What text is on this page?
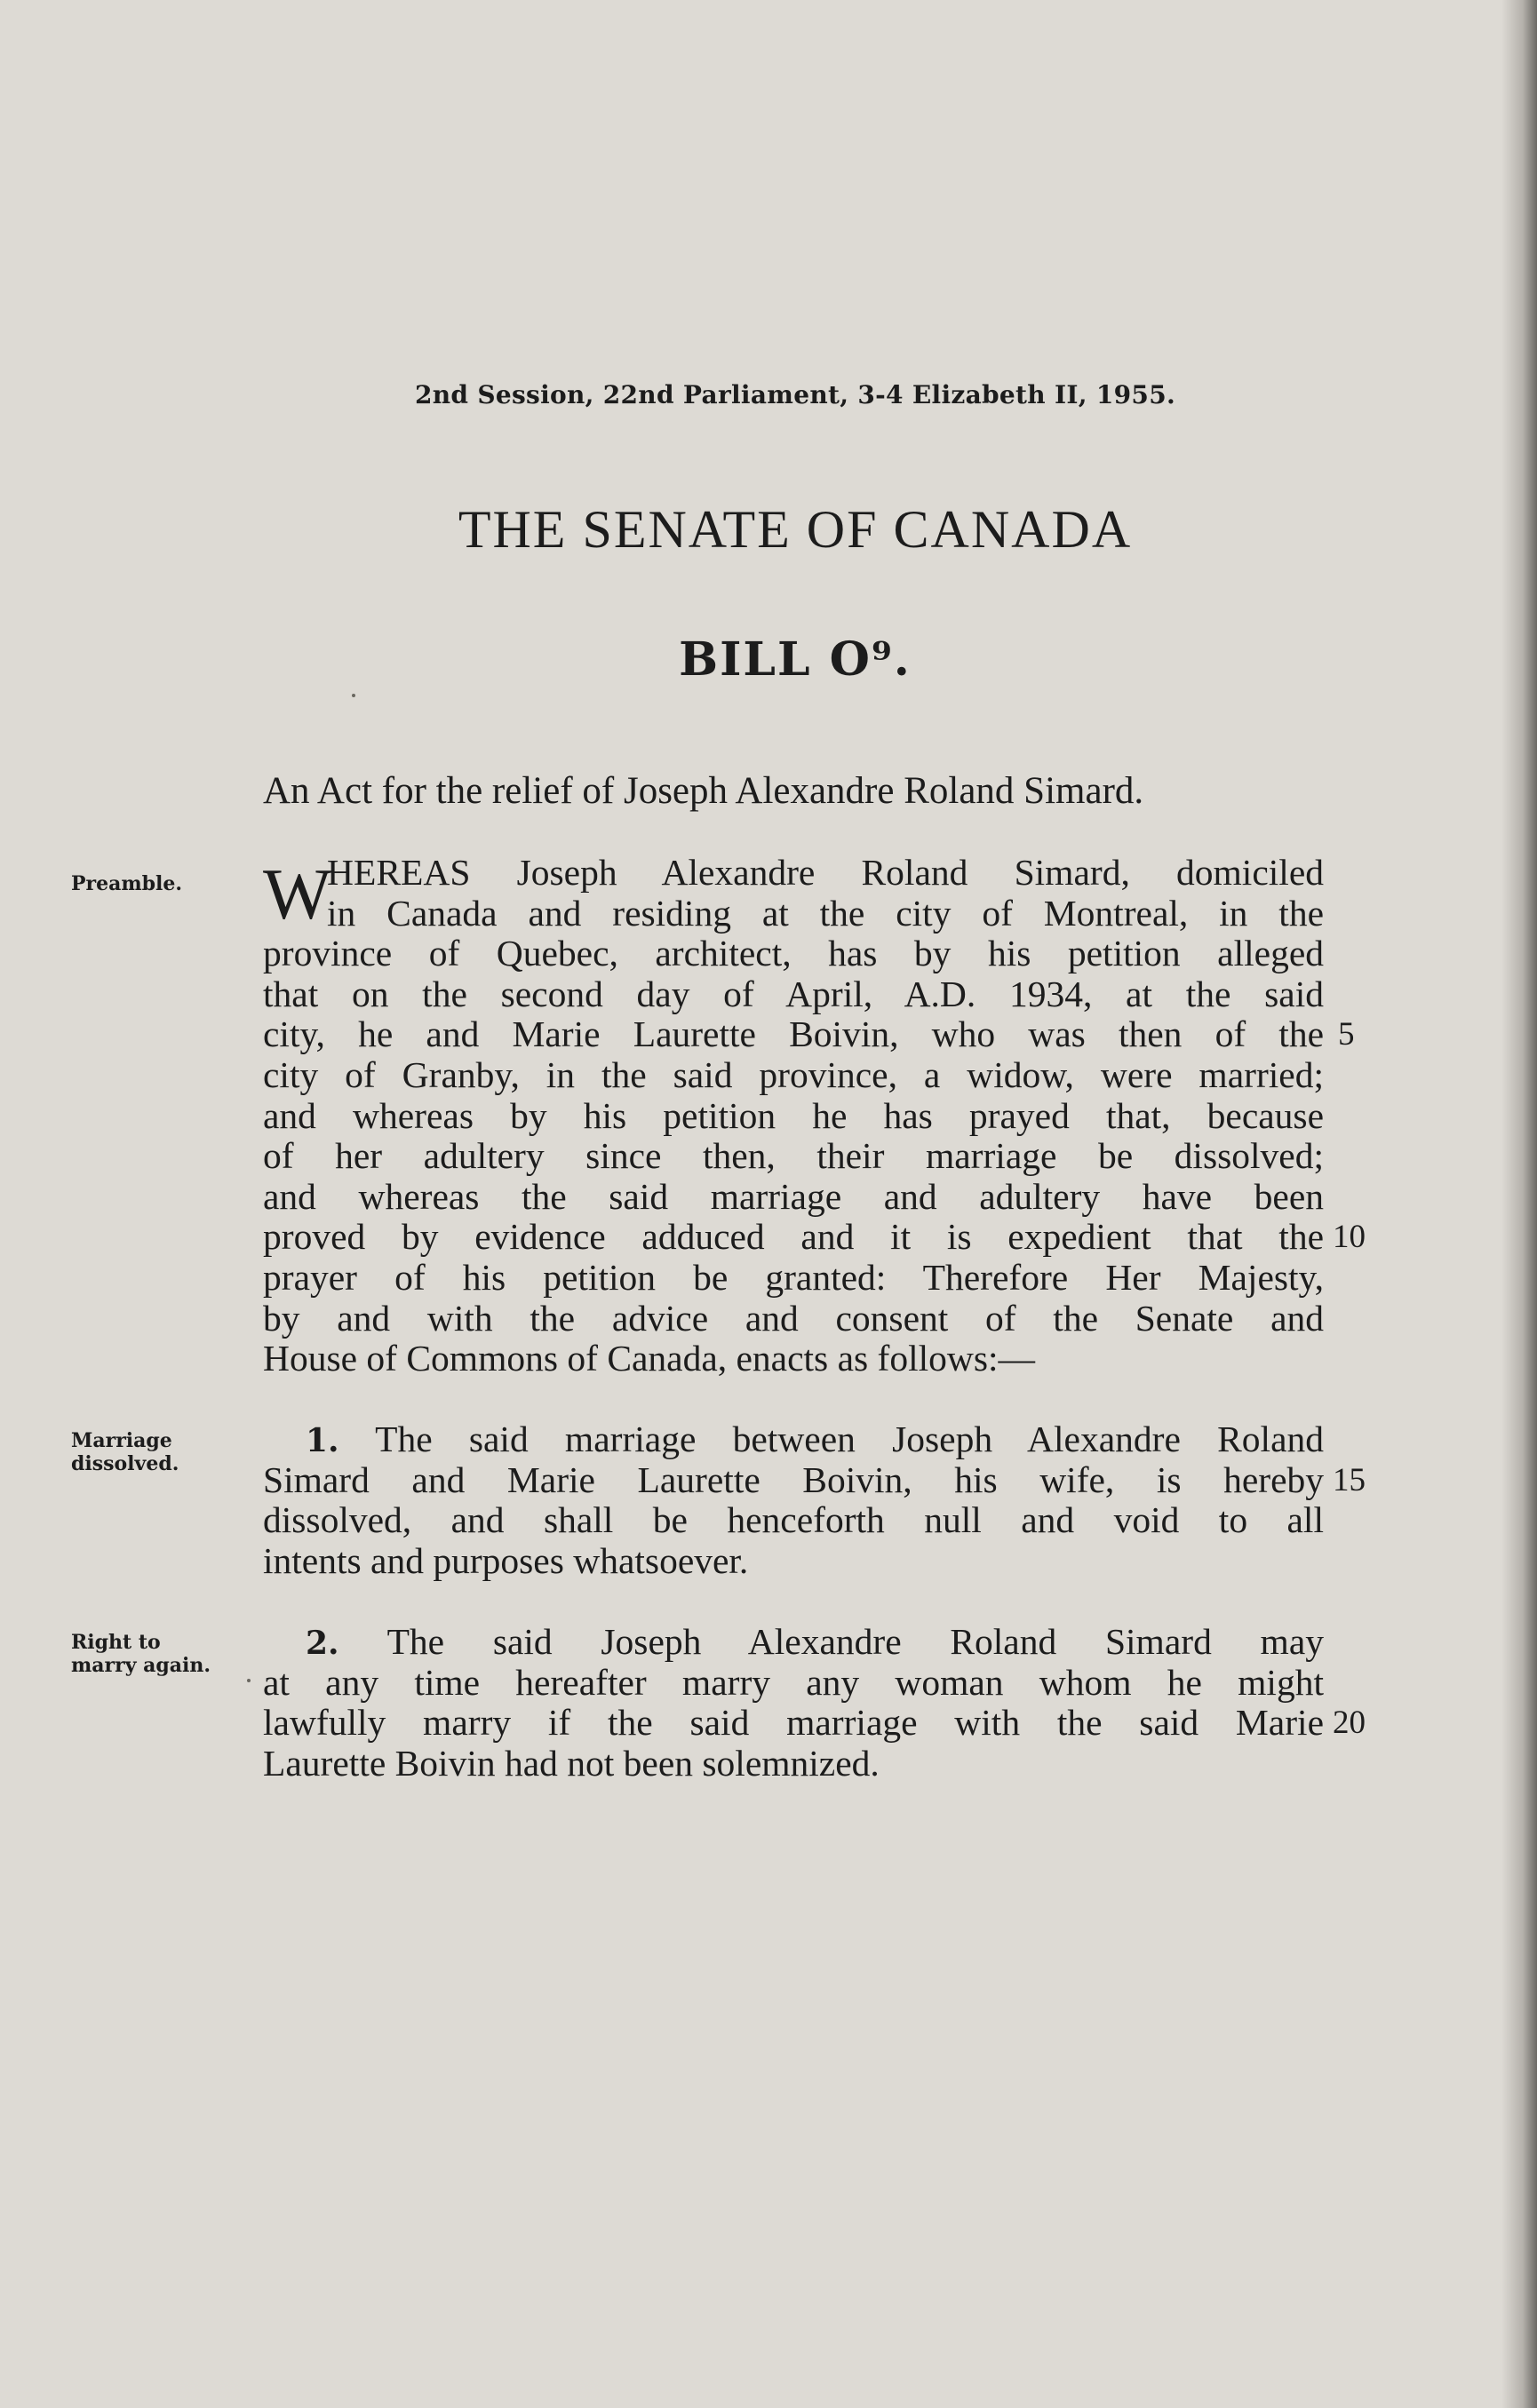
2nd Session, 22nd Parliament, 3-4 Elizabeth II, 1955.
THE SENATE OF CANADA
BILL O⁹.
An Act for the relief of Joseph Alexandre Roland Simard.
Preamble.
Marriage
dissolved.
Right to
marry again.
W
HEREAS Joseph Alexandre Roland Simard, domiciled
in Canada and residing at the city of Montreal, in the
province of Quebec, architect, has by his petition alleged
that on the second day of April, A.D. 1934, at the said
city, he and Marie Laurette Boivin, who was then of the
city of Granby, in the said province, a widow, were married;
and whereas by his petition he has prayed that, because
of her adultery since then, their marriage be dissolved;
and whereas the said marriage and adultery have been
proved by evidence adduced and it is expedient that the
prayer of his petition be granted: Therefore Her Majesty,
by and with the advice and consent of the Senate and
House of Commons of Canada, enacts as follows:—
1. The said marriage between Joseph Alexandre Roland
Simard and Marie Laurette Boivin, his wife, is hereby
dissolved, and shall be henceforth null and void to all
intents and purposes whatsoever.
2. The said Joseph Alexandre Roland Simard may
at any time hereafter marry any woman whom he might
lawfully marry if the said marriage with the said Marie
Laurette Boivin had not been solemnized.
5
10
15
20
